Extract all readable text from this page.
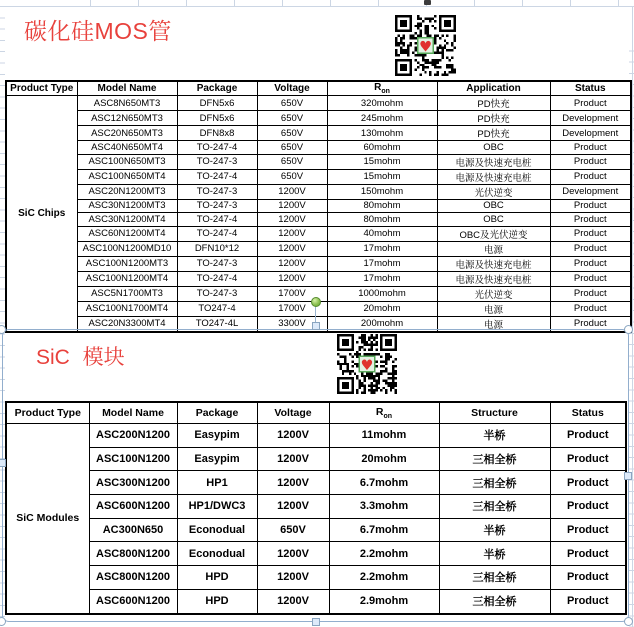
碳化硅MOS管
♥
Product Type	Model Name	Package	Voltage	$R_{on}$	Application	Status
SiC Chips	ASC8N650MT3	DFN5x6	650V	320mohm	PD快充	Product
	ASC12N650MT3	DFN5x6	650V	245mohm	PD快充	Development
	ASC20N650MT3	DFN8x8	650V	130mohm	PD快充	Development
	ASC40N650MT4	TO-247-4	650V	60mohm	OBC	Product
	ASC100N650MT3	TO-247-3	650V	15mohm	电源及快速充电桩	Product
	ASC100N650MT4	TO-247-4	650V	15mohm	电源及快速充电桩	Product
	ASC20N1200MT3	TO-247-3	1200V	150mohm	光伏逆变	Development
	ASC30N1200MT3	TO-247-3	1200V	80mohm	OBC	Product
	ASC30N1200MT4	TO-247-4	1200V	80mohm	OBC	Product
	ASC60N1200MT4	TO-247-4	1200V	40mohm	OBC及光伏逆变	Product
	ASC100N1200MD10	DFN10*12	1200V	17mohm	电源	Product
	ASC100N1200MT3	TO-247-3	1200V	17mohm	电源及快速充电桩	Product
	ASC100N1200MT4	TO-247-4	1200V	17mohm	电源及快速充电桩	Product
	ASC5N1700MT3	TO-247-3	1700V	1000mohm	光伏逆变	Product
	ASC100N1700MT4	TO247-4	1700V	20mohm	电源	Product
	ASC20N3300MT4	TO247-4L	3300V	200mohm	电源	Product
SiC 模块	♥
Product Type	Model Name	Package	Voltage	$R_{on}$	Structure	Status
SiC Modules	ASC200N1200	Easypim	1200V	11mohm	半桥	Product
	ASC100N1200	Easypim	1200V	20mohm	三相全桥	Product
	ASC300N1200	HP1	1200V	6.7mohm	三相全桥	Product
	ASC600N1200	HP1/DWC3	1200V	3.3mohm	三相全桥	Product
	AC300N650	Econodual	650V	6.7mohm	半桥	Product
	ASC800N1200	Econodual	1200V	2.2mohm	半桥	Product
	ASC800N1200	HPD	1200V	2.2mohm	三相全桥	Product
	ASC600N1200	HPD	1200V	2.9mohm	三相全桥	Product
